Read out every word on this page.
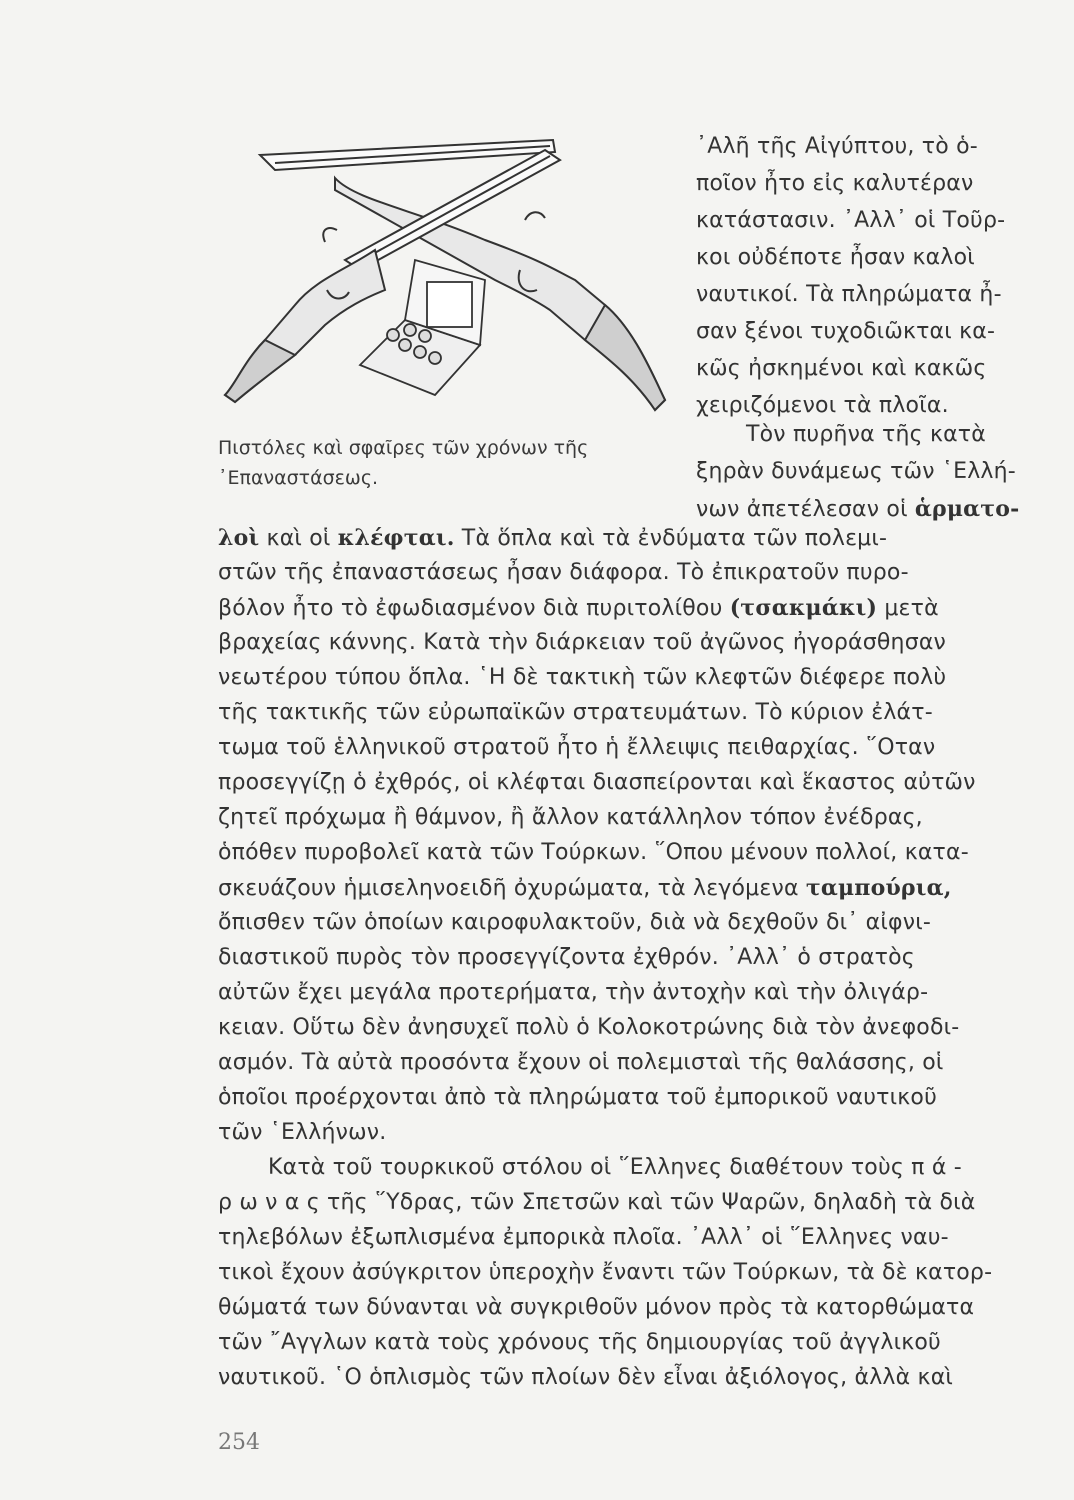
Πιστόλες καὶ σφαῖρες τῶν χρόνων τῆς
᾿Επαναστάσεως.
᾿Αλῆ τῆς Αἰγύπτου, τὸ ὁ-
ποῖον ἦτο εἰς καλυτέραν
κατάστασιν. ᾿Αλλ᾿ οἱ Τοῦρ-
κοι οὐδέποτε ἦσαν καλοὶ
ναυτικοί. Τὰ πληρώματα ἦ-
σαν ξένοι τυχοδιῶκται κα-
κῶς ἠσκημένοι καὶ κακῶς
χειριζόμενοι τὰ πλοῖα.
Τὸν πυρῆνα τῆς κατὰ
ξηρὰν δυνάμεως τῶν ῾Ελλή-
νων ἀπετέλεσαν οἱ ἁρματο-
λοὶ καὶ οἱ κλέφται. Τὰ ὅπλα καὶ τὰ ἐνδύματα τῶν πολεμι-
στῶν τῆς ἐπαναστάσεως ἦσαν διάφορα. Τὸ ἐπικρατοῦν πυρο-
βόλον ἦτο τὸ ἐφωδιασμένον διὰ πυριτολίθου (τσακμάκι) μετὰ
βραχείας κάννης. Κατὰ τὴν διάρκειαν τοῦ ἀγῶνος ἠγοράσθησαν
νεωτέρου τύπου ὅπλα. ῾Η δὲ τακτικὴ τῶν κλεφτῶν διέφερε πολὺ
τῆς τακτικῆς τῶν εὐρωπαϊκῶν στρατευμάτων. Τὸ κύριον ἐλάτ-
τωμα τοῦ ἑλληνικοῦ στρατοῦ ἦτο ἡ ἔλλειψις πειθαρχίας. ῞Οταν
προσεγγίζῃ ὁ ἐχθρός, οἱ κλέφται διασπείρονται καὶ ἕκαστος αὐτῶν
ζητεῖ πρόχωμα ἢ θάμνον, ἢ ἄλλον κατάλληλον τόπον ἐνέδρας,
ὁπόθεν πυροβολεῖ κατὰ τῶν Τούρκων. ῞Οπου μένουν πολλοί, κατα-
σκευάζουν ἡμισεληνοειδῆ ὀχυρώματα, τὰ λεγόμενα ταμπούρια,
ὄπισθεν τῶν ὁποίων καιροφυλακτοῦν, διὰ νὰ δεχθοῦν δι᾿ αἰφνι-
διαστικοῦ πυρὸς τὸν προσεγγίζοντα ἐχθρόν. ᾿Αλλ᾿ ὁ στρατὸς
αὐτῶν ἔχει μεγάλα προτερήματα, τὴν ἀντοχὴν καὶ τὴν ὀλιγάρ-
κειαν. Οὕτω δὲν ἀνησυχεῖ πολὺ ὁ Κολοκοτρώνης διὰ τὸν ἀνεφοδι-
ασμόν. Τὰ αὐτὰ προσόντα ἔχουν οἱ πολεμισταὶ τῆς θαλάσσης, οἱ
ὁποῖοι προέρχονται ἀπὸ τὰ πληρώματα τοῦ ἐμπορικοῦ ναυτικοῦ
τῶν ῾Ελλήνων.
Κατὰ τοῦ τουρκικοῦ στόλου οἱ ῞Ελληνες διαθέτουν τοὺς π ά -
ρ ω ν α ς τῆς ῞Υδρας, τῶν Σπετσῶν καὶ τῶν Ψαρῶν, δηλαδὴ τὰ διὰ
τηλεβόλων ἐξωπλισμένα ἐμπορικὰ πλοῖα. ᾿Αλλ᾿ οἱ ῞Ελληνες ναυ-
τικοὶ ἔχουν ἀσύγκριτον ὑπεροχὴν ἔναντι τῶν Τούρκων, τὰ δὲ κατορ-
θώματά των δύνανται νὰ συγκριθοῦν μόνον πρὸς τὰ κατορθώματα
τῶν ῎Αγγλων κατὰ τοὺς χρόνους τῆς δημιουργίας τοῦ ἀγγλικοῦ
ναυτικοῦ. ῾Ο ὁπλισμὸς τῶν πλοίων δὲν εἶναι ἀξιόλογος, ἀλλὰ καὶ
254
